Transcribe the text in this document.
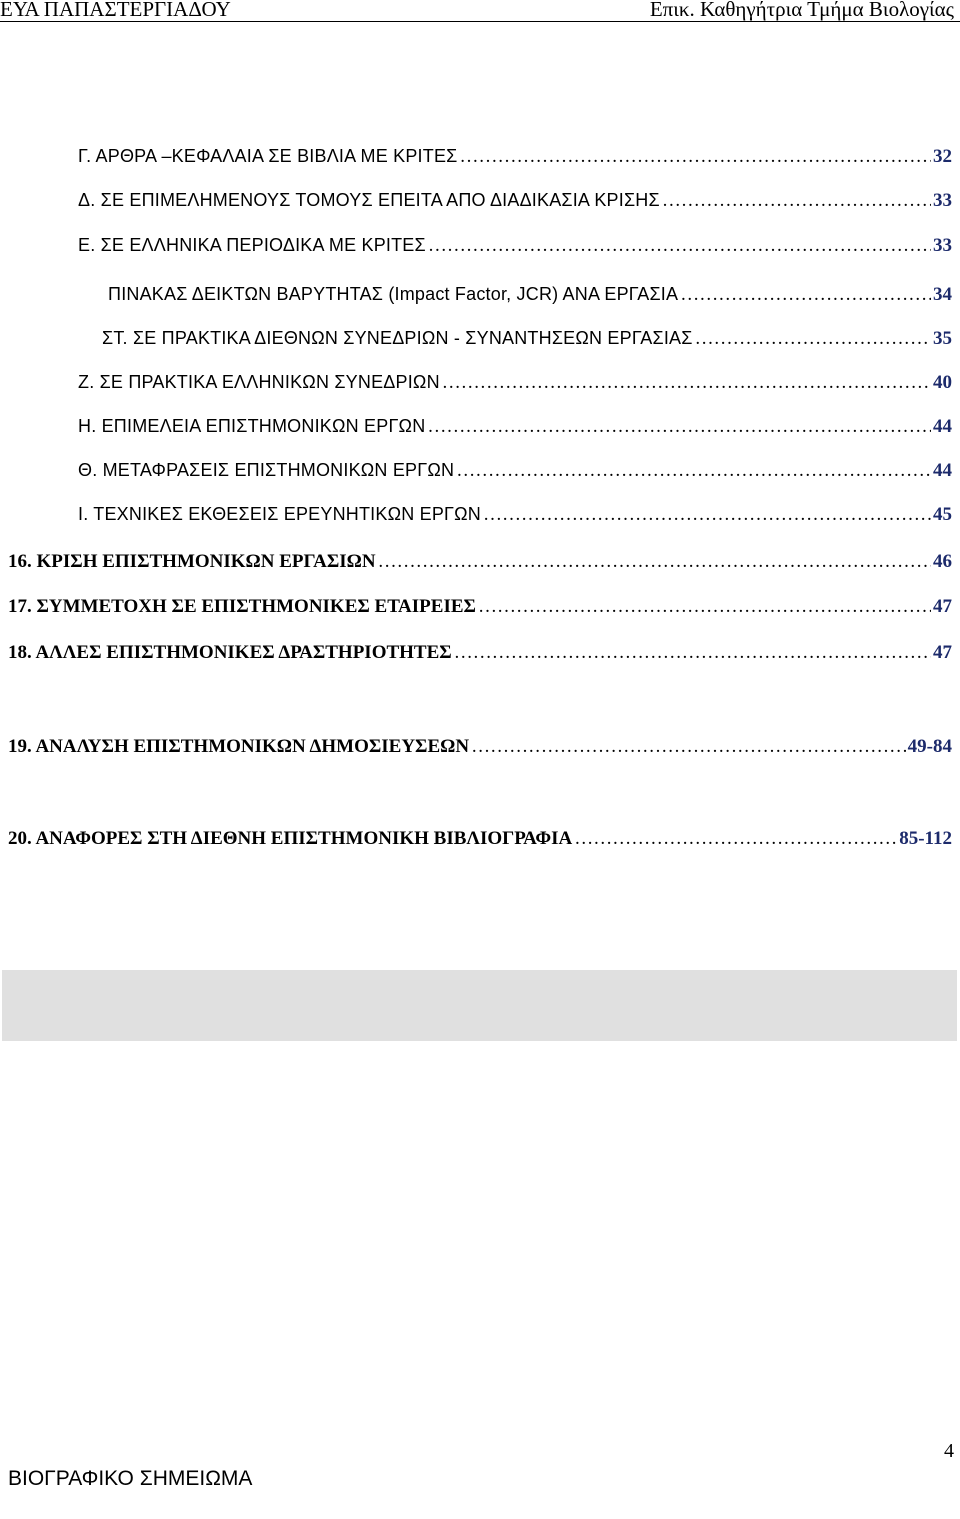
ΕΥΑ ΠΑΠΑΣΤΕΡΓΙΑΔΟΥ	Επικ. Καθηγήτρια Τμήμα Βιολογίας
Γ. ΑΡΘΡΑ –ΚΕΦΑΛΑΙΑ ΣΕ ΒΙΒΛΙΑ ΜΕ ΚΡΙΤΕΣ ………………………………………………………………………………………………………………………………………………………………………………	32
Δ. ΣΕ ΕΠΙΜΕΛΗΜΕΝΟΥΣ ΤΟΜΟΥΣ ΕΠΕΙΤΑ ΑΠΟ ΔΙΑΔΙΚΑΣΙΑ ΚΡΙΣΗΣ ………………………………………………………………………………………………………………………………………………………………………………	33
Ε. ΣΕ ΕΛΛΗΝΙΚΑ ΠΕΡΙΟΔΙΚΑ ΜΕ ΚΡΙΤΕΣ ………………………………………………………………………………………………………………………………………………………………………………	33
ΠΙΝΑΚΑΣ ΔΕΙΚΤΩΝ ΒΑΡΥΤΗΤΑΣ (Impact Factor, JCR) ΑΝΑ ΕΡΓΑΣΙΑ ………………………………………………………………………………………………………………………………………………………………………………	34
ΣΤ. ΣΕ ΠΡΑΚΤΙΚΑ ΔΙΕΘΝΩΝ ΣΥΝΕΔΡΙΩΝ - ΣΥΝΑΝΤΗΣΕΩΝ ΕΡΓΑΣΙΑΣ ………………………………………………………………………………………………………………………………………………………………………………	35
Ζ. ΣΕ ΠΡΑΚΤΙΚΑ ΕΛΛΗΝΙΚΩΝ ΣΥΝΕΔΡΙΩΝ ………………………………………………………………………………………………………………………………………………………………………………	40
Η. ΕΠΙΜΕΛΕΙΑ ΕΠΙΣΤΗΜΟΝΙΚΩΝ ΕΡΓΩΝ ………………………………………………………………………………………………………………………………………………………………………………	44
Θ. ΜΕΤΑΦΡΑΣΕΙΣ ΕΠΙΣΤΗΜΟΝΙΚΩΝ ΕΡΓΩΝ ………………………………………………………………………………………………………………………………………………………………………………	44
Ι. ΤΕΧΝΙΚΕΣ ΕΚΘΕΣΕΙΣ ΕΡΕΥΝΗΤΙΚΩΝ ΕΡΓΩΝ ………………………………………………………………………………………………………………………………………………………………………………	45
16. ΚΡΙΣΗ ΕΠΙΣΤΗΜΟΝΙΚΩΝ ΕΡΓΑΣΙΩΝ ………………………………………………………………………………………………………………………………………………………………………………	46
17. ΣΥΜΜΕΤΟΧΗ ΣΕ ΕΠΙΣΤΗΜΟΝΙΚΕΣ ΕΤΑΙΡΕΙΕΣ ………………………………………………………………………………………………………………………………………………………………………………	47
18. ΑΛΛΕΣ ΕΠΙΣΤΗΜΟΝΙΚΕΣ ΔΡΑΣΤΗΡΙΟΤΗΤΕΣ ………………………………………………………………………………………………………………………………………………………………………………	47
19. ΑΝΑΛΥΣΗ ΕΠΙΣΤΗΜΟΝΙΚΩΝ ΔΗΜΟΣΙΕΥΣΕΩΝ ………………………………………………………………………………………………………………………………………………………………………………	49-84
20. ΑΝΑΦΟΡΕΣ ΣΤΗ ΔΙΕΘΝΗ ΕΠΙΣΤΗΜΟΝΙΚΗ ΒΙΒΛΙΟΓΡΑΦΙΑ ………………………………………………………………………………………………………………………………………………………………………………	85-112
4
ΒΙΟΓΡΑΦΙΚΟ ΣΗΜΕΙΩΜΑ
